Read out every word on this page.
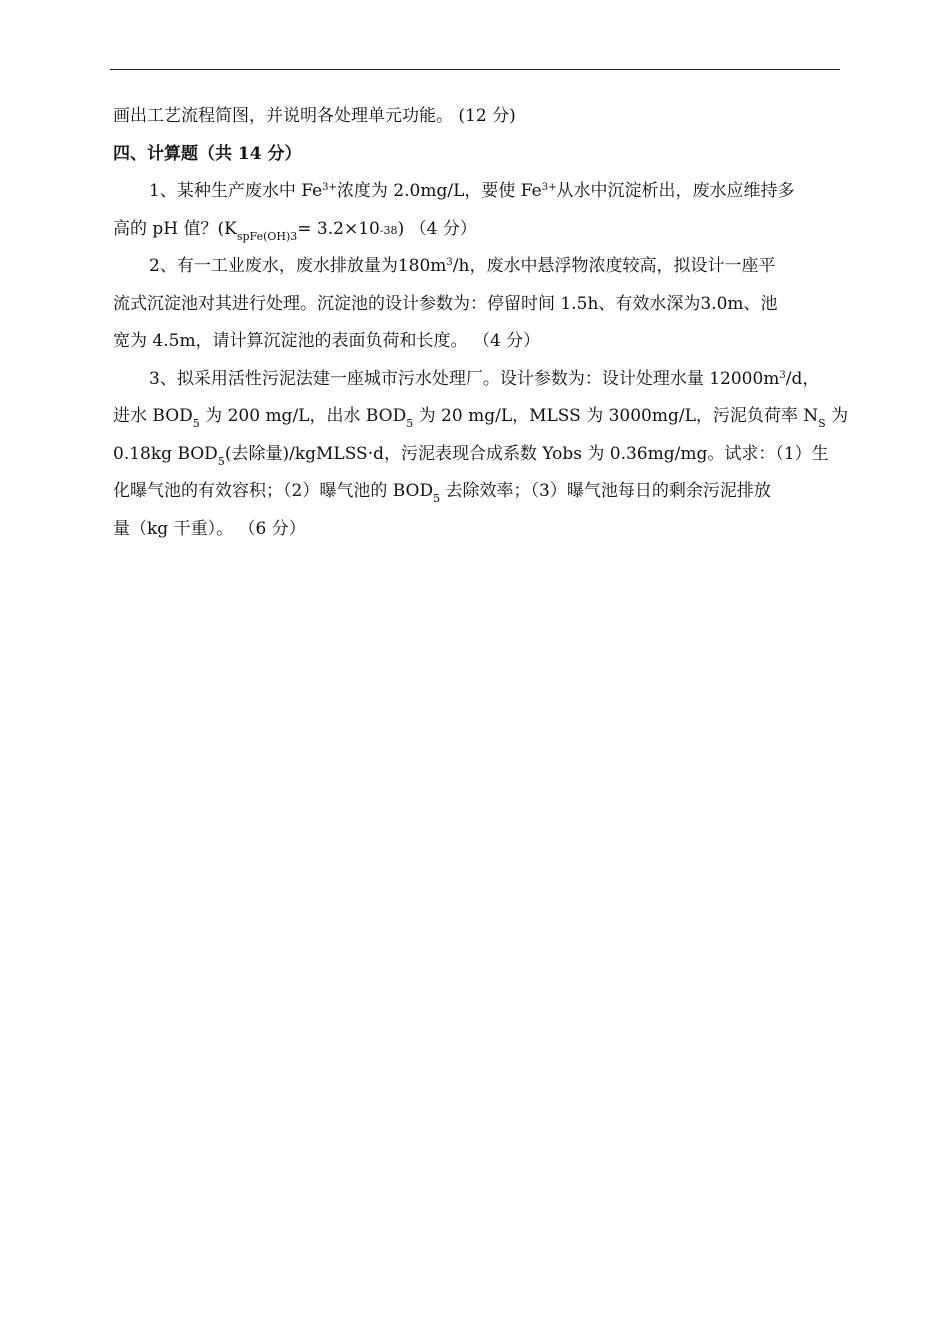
画出工艺流程简图，并说明各处理单元功能。 (12 分)
四、计算题（共 14 分）
1、某种生产废水中 $Fe^{3+}$浓度为 2.0mg/L，要使 $Fe^{3+}$从水中沉淀析出，废水应维持多
高的 pH 值？$(K_{spFe(OH)3}= 3.2\times 10-38)$ （4 分）
2、有一工业废水，废水排放量为$180m^3/h$，废水中悬浮物浓度较高，拟设计一座平
流式沉淀池对其进行处理。沉淀池的设计参数为：停留时间 1.5h、有效水深为3.0m、池
宽为 4.5m，请计算沉淀池的表面负荷和长度。 （4 分）
3、拟采用活性污泥法建一座城市污水处理厂。设计参数为：设计处理水量 $12000m^3/d$，
进水 $BOD_5$ 为 200 mg/L，出水 $BOD_5$ 为 20 mg/L，MLSS 为 3000mg/L，污泥负荷率 $N_S$ 为
0.18kg $BOD_5$(去除量)/kgMLSS·d，污泥表现合成系数 Yobs 为 0.36mg/mg。试求：（1）生
化曝气池的有效容积；（2）曝气池的 $BOD_5$ 去除效率；（3）曝气池每日的剩余污泥排放
量（kg 干重）。 （6 分）
